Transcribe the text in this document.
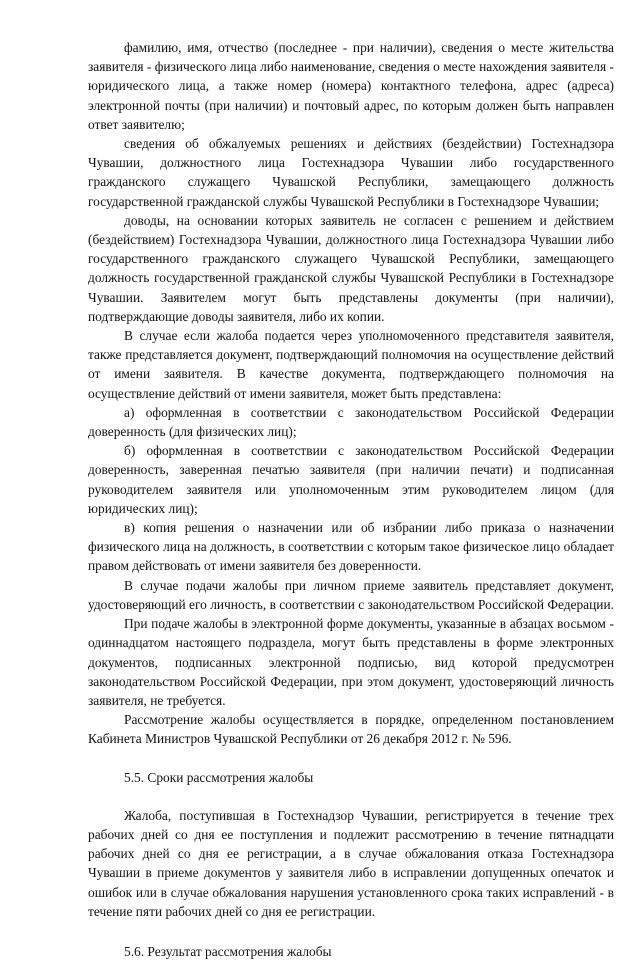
фамилию, имя, отчество (последнее - при наличии), сведения о месте жительства заявителя - физического лица либо наименование, сведения о месте нахождения заявителя - юридического лица, а также номер (номера) контактного телефона, адрес (адреса) электронной почты (при наличии) и почтовый адрес, по которым должен быть направлен ответ заявителю;

сведения об обжалуемых решениях и действиях (бездействии) Гостехнадзора Чувашии, должностного лица Гостехнадзора Чувашии либо государственного гражданского служащего Чувашской Республики, замещающего должность государственной гражданской службы Чувашской Республики в Гостехнадзоре Чувашии;

доводы, на основании которых заявитель не согласен с решением и действием (бездействием) Гостехнадзора Чувашии, должностного лица Гостехнадзора Чувашии либо государственного гражданского служащего Чувашской Республики, замещающего должность государственной гражданской службы Чувашской Республики в Гостехнадзоре Чувашии. Заявителем могут быть представлены документы (при наличии), подтверждающие доводы заявителя, либо их копии.

В случае если жалоба подается через уполномоченного представителя заявителя, также представляется документ, подтверждающий полномочия на осуществление действий от имени заявителя. В качестве документа, подтверждающего полномочия на осуществление действий от имени заявителя, может быть представлена:

а) оформленная в соответствии с законодательством Российской Федерации доверенность (для физических лиц);

б) оформленная в соответствии с законодательством Российской Федерации доверенность, заверенная печатью заявителя (при наличии печати) и подписанная руководителем заявителя или уполномоченным этим руководителем лицом (для юридических лиц);

в) копия решения о назначении или об избрании либо приказа о назначении физического лица на должность, в соответствии с которым такое физическое лицо обладает правом действовать от имени заявителя без доверенности.

В случае подачи жалобы при личном приеме заявитель представляет документ, удостоверяющий его личность, в соответствии с законодательством Российской Федерации.

При подаче жалобы в электронной форме документы, указанные в абзацах восьмом - одиннадцатом настоящего подраздела, могут быть представлены в форме электронных документов, подписанных электронной подписью, вид которой предусмотрен законодательством Российской Федерации, при этом документ, удостоверяющий личность заявителя, не требуется.

Рассмотрение жалобы осуществляется в порядке, определенном постановлением Кабинета Министров Чувашской Республики от 26 декабря 2012 г. № 596.

5.5. Сроки рассмотрения жалобы

Жалоба, поступившая в Гостехнадзор Чувашии, регистрируется в течение трех рабочих дней со дня ее поступления и подлежит рассмотрению в течение пятнадцати рабочих дней со дня ее регистрации, а в случае обжалования отказа Гостехнадзора Чувашии в приеме документов у заявителя либо в исправлении допущенных опечаток и ошибок или в случае обжалования нарушения установленного срока таких исправлений - в течение пяти рабочих дней со дня ее регистрации.

5.6. Результат рассмотрения жалобы
